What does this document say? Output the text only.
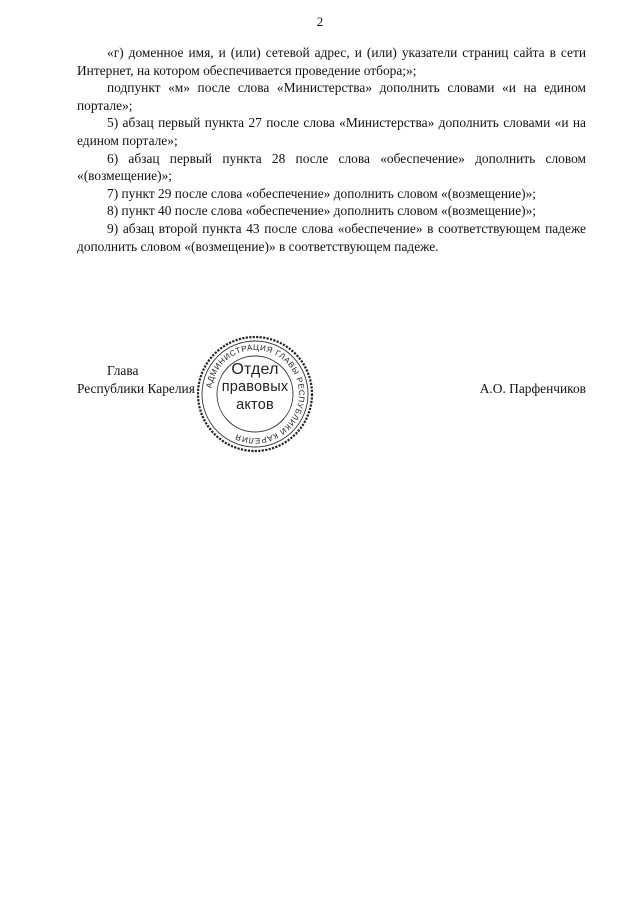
2

«г) доменное имя, и (или) сетевой адрес, и (или) указатели страниц сайта в сети Интернет, на котором обеспечивается проведение отбора;»;

подпункт «м» после слова «Министерства» дополнить словами «и на едином портале»;

5) абзац первый пункта 27 после слова «Министерства» дополнить словами «и на едином портале»;

6) абзац первый пункта 28 после слова «обеспечение» дополнить словом «(возмещение)»;

7) пункт 29 после слова «обеспечение» дополнить словом «(возмещение)»;

8) пункт 40 после слова «обеспечение» дополнить словом «(возмещение)»;

9) абзац второй пункта 43 после слова «обеспечение» в соответствующем падеже дополнить словом «(возмещение)» в соответствующем падеже.

Глава
Республики Карелия	А.О. Парфенчиков
АДМИНИСТРАЦИЯ ГЛАВЫ РЕСПУБЛИКИ КАРЕЛИЯ
Отдел
правовых
актов
